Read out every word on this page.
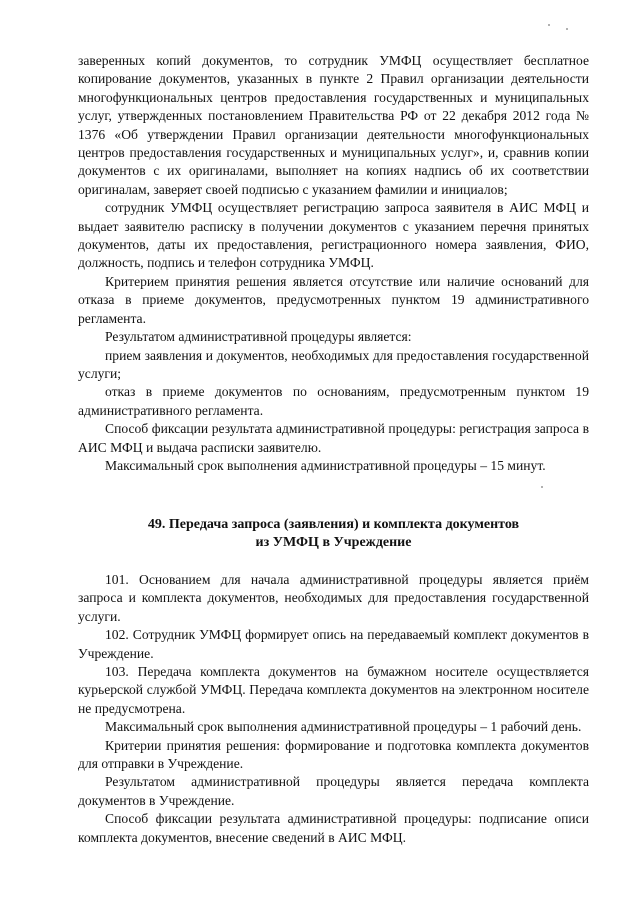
заверенных копий документов, то сотрудник УМФЦ осуществляет бесплатное копирование документов, указанных в пункте 2 Правил организации деятельности многофункциональных центров предоставления государственных и муниципальных услуг, утвержденных постановлением Правительства РФ от 22 декабря 2012 года № 1376 «Об утверждении Правил организации деятельности многофункциональных центров предоставления государственных и муниципальных услуг», и, сравнив копии документов с их оригиналами, выполняет на копиях надпись об их соответствии оригиналам, заверяет своей подписью с указанием фамилии и инициалов;

сотрудник УМФЦ осуществляет регистрацию запроса заявителя в АИС МФЦ и выдает заявителю расписку в получении документов с указанием перечня принятых документов, даты их предоставления, регистрационного номера заявления, ФИО, должность, подпись и телефон сотрудника УМФЦ.

Критерием принятия решения является отсутствие или наличие оснований для отказа в приеме документов, предусмотренных пунктом 19 административного регламента.

Результатом административной процедуры является:

прием заявления и документов, необходимых для предоставления государственной услуги;

отказ в приеме документов по основаниям, предусмотренным пунктом 19 административного регламента.

Способ фиксации результата административной процедуры: регистрация запроса в АИС МФЦ и выдача расписки заявителю.

Максимальный срок выполнения административной процедуры – 15 минут.

49. Передача запроса (заявления) и комплекта документов
из УМФЦ в Учреждение

101. Основанием для начала административной процедуры является приём запроса и комплекта документов, необходимых для предоставления государственной услуги.

102. Сотрудник УМФЦ формирует опись на передаваемый комплект документов в Учреждение.

103. Передача комплекта документов на бумажном носителе осуществляется курьерской службой УМФЦ. Передача комплекта документов на электронном носителе не предусмотрена.

Максимальный срок выполнения административной процедуры – 1 рабочий день.

Критерии принятия решения: формирование и подготовка комплекта документов для отправки в Учреждение.

Результатом административной процедуры является передача комплекта документов в Учреждение.

Способ фиксации результата административной процедуры: подписание описи комплекта документов, внесение сведений в АИС МФЦ.
